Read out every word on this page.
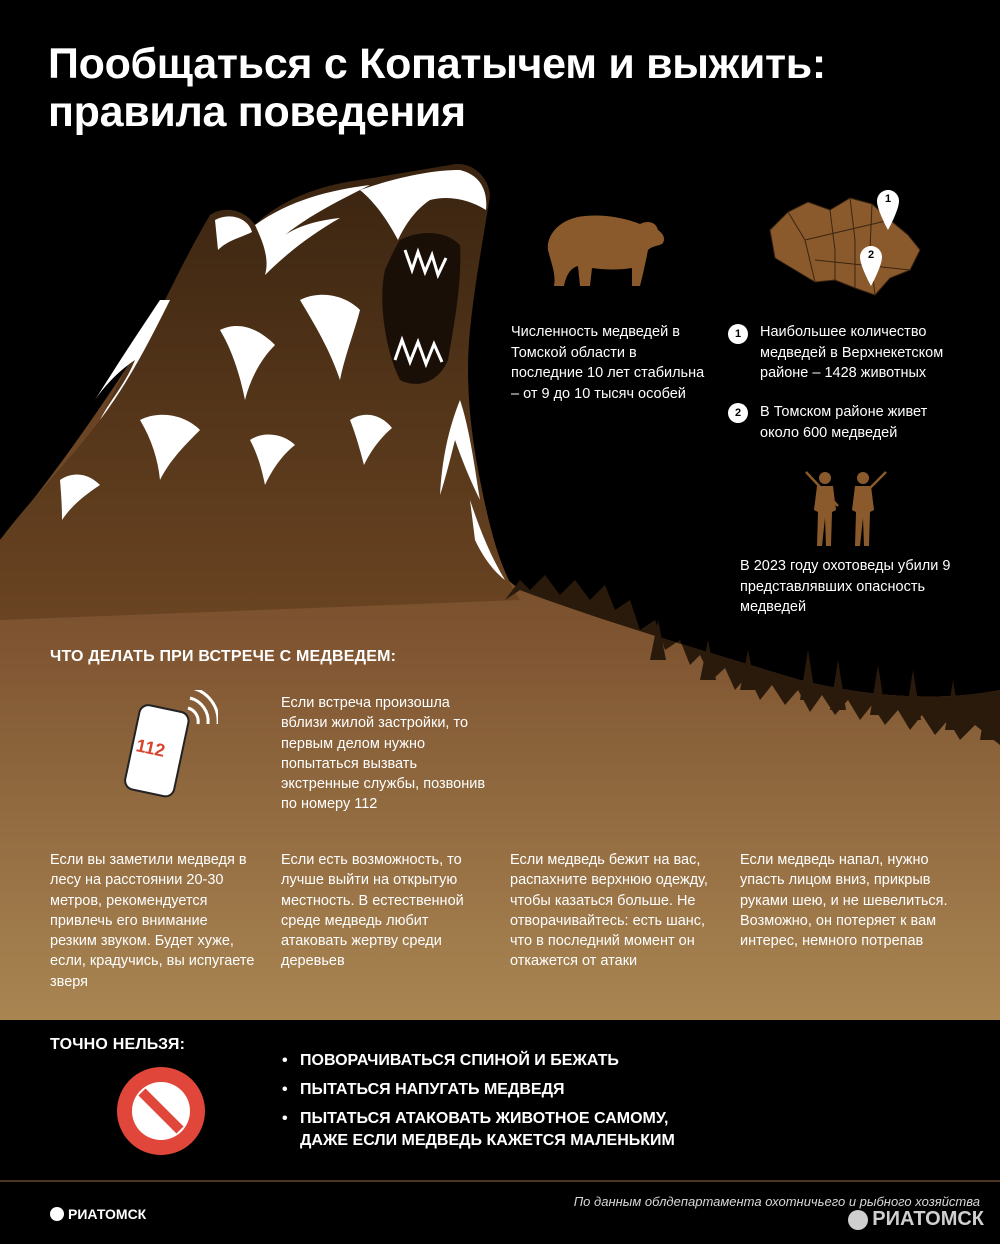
Пообщаться с Копатычем и выжить:
правила поведения
1
2

Численность медведей в Томской области в последние 10 лет стабильна – от 9 до 10 тысяч особей

1	Наибольшее количество медведей в Верхнекетском районе – 1428 животных

2	В Томском районе живет около 600 медведей

В 2023 году охотоведы убили 9 представлявших опасность медведей

ЧТО ДЕЛАТЬ ПРИ ВСТРЕЧЕ С МЕДВЕДЕМ:
112

Если встреча произошла вблизи жилой застройки, то первым делом нужно попытаться вызвать экстренные службы, позвонив по номеру 112

Если вы заметили медведя в лесу на расстоянии 20-30 метров, рекомендуется привлечь его внимание резким звуком. Будет хуже, если, крадучись, вы испугаете зверя

Если есть возможность, то лучше выйти на открытую местность. В естественной среде медведь любит атаковать жертву среди деревьев

Если медведь бежит на вас, распахните верхнюю одежду, чтобы казаться больше. Не отворачивайтесь: есть шанс, что в последний момент он откажется от атаки

Если медведь напал, нужно упасть лицом вниз, прикрыв руками шею, и не шевелиться. Возможно, он потеряет к вам интерес, немного потрепав

ТОЧНО НЕЛЬЗЯ:
• ПОВОРАЧИВАТЬСЯ СПИНОЙ И БЕЖАТЬ
• ПЫТАТЬСЯ НАПУГАТЬ МЕДВЕДЯ
• ПЫТАТЬСЯ АТАКОВАТЬ ЖИВОТНОЕ САМОМУ,
ДАЖЕ ЕСЛИ МЕДВЕДЬ КАЖЕТСЯ МАЛЕНЬКИМ
РИАТОМСК

По данным облдепартамента охотничьего и рыбного хозяйства

РИАТОМСК
